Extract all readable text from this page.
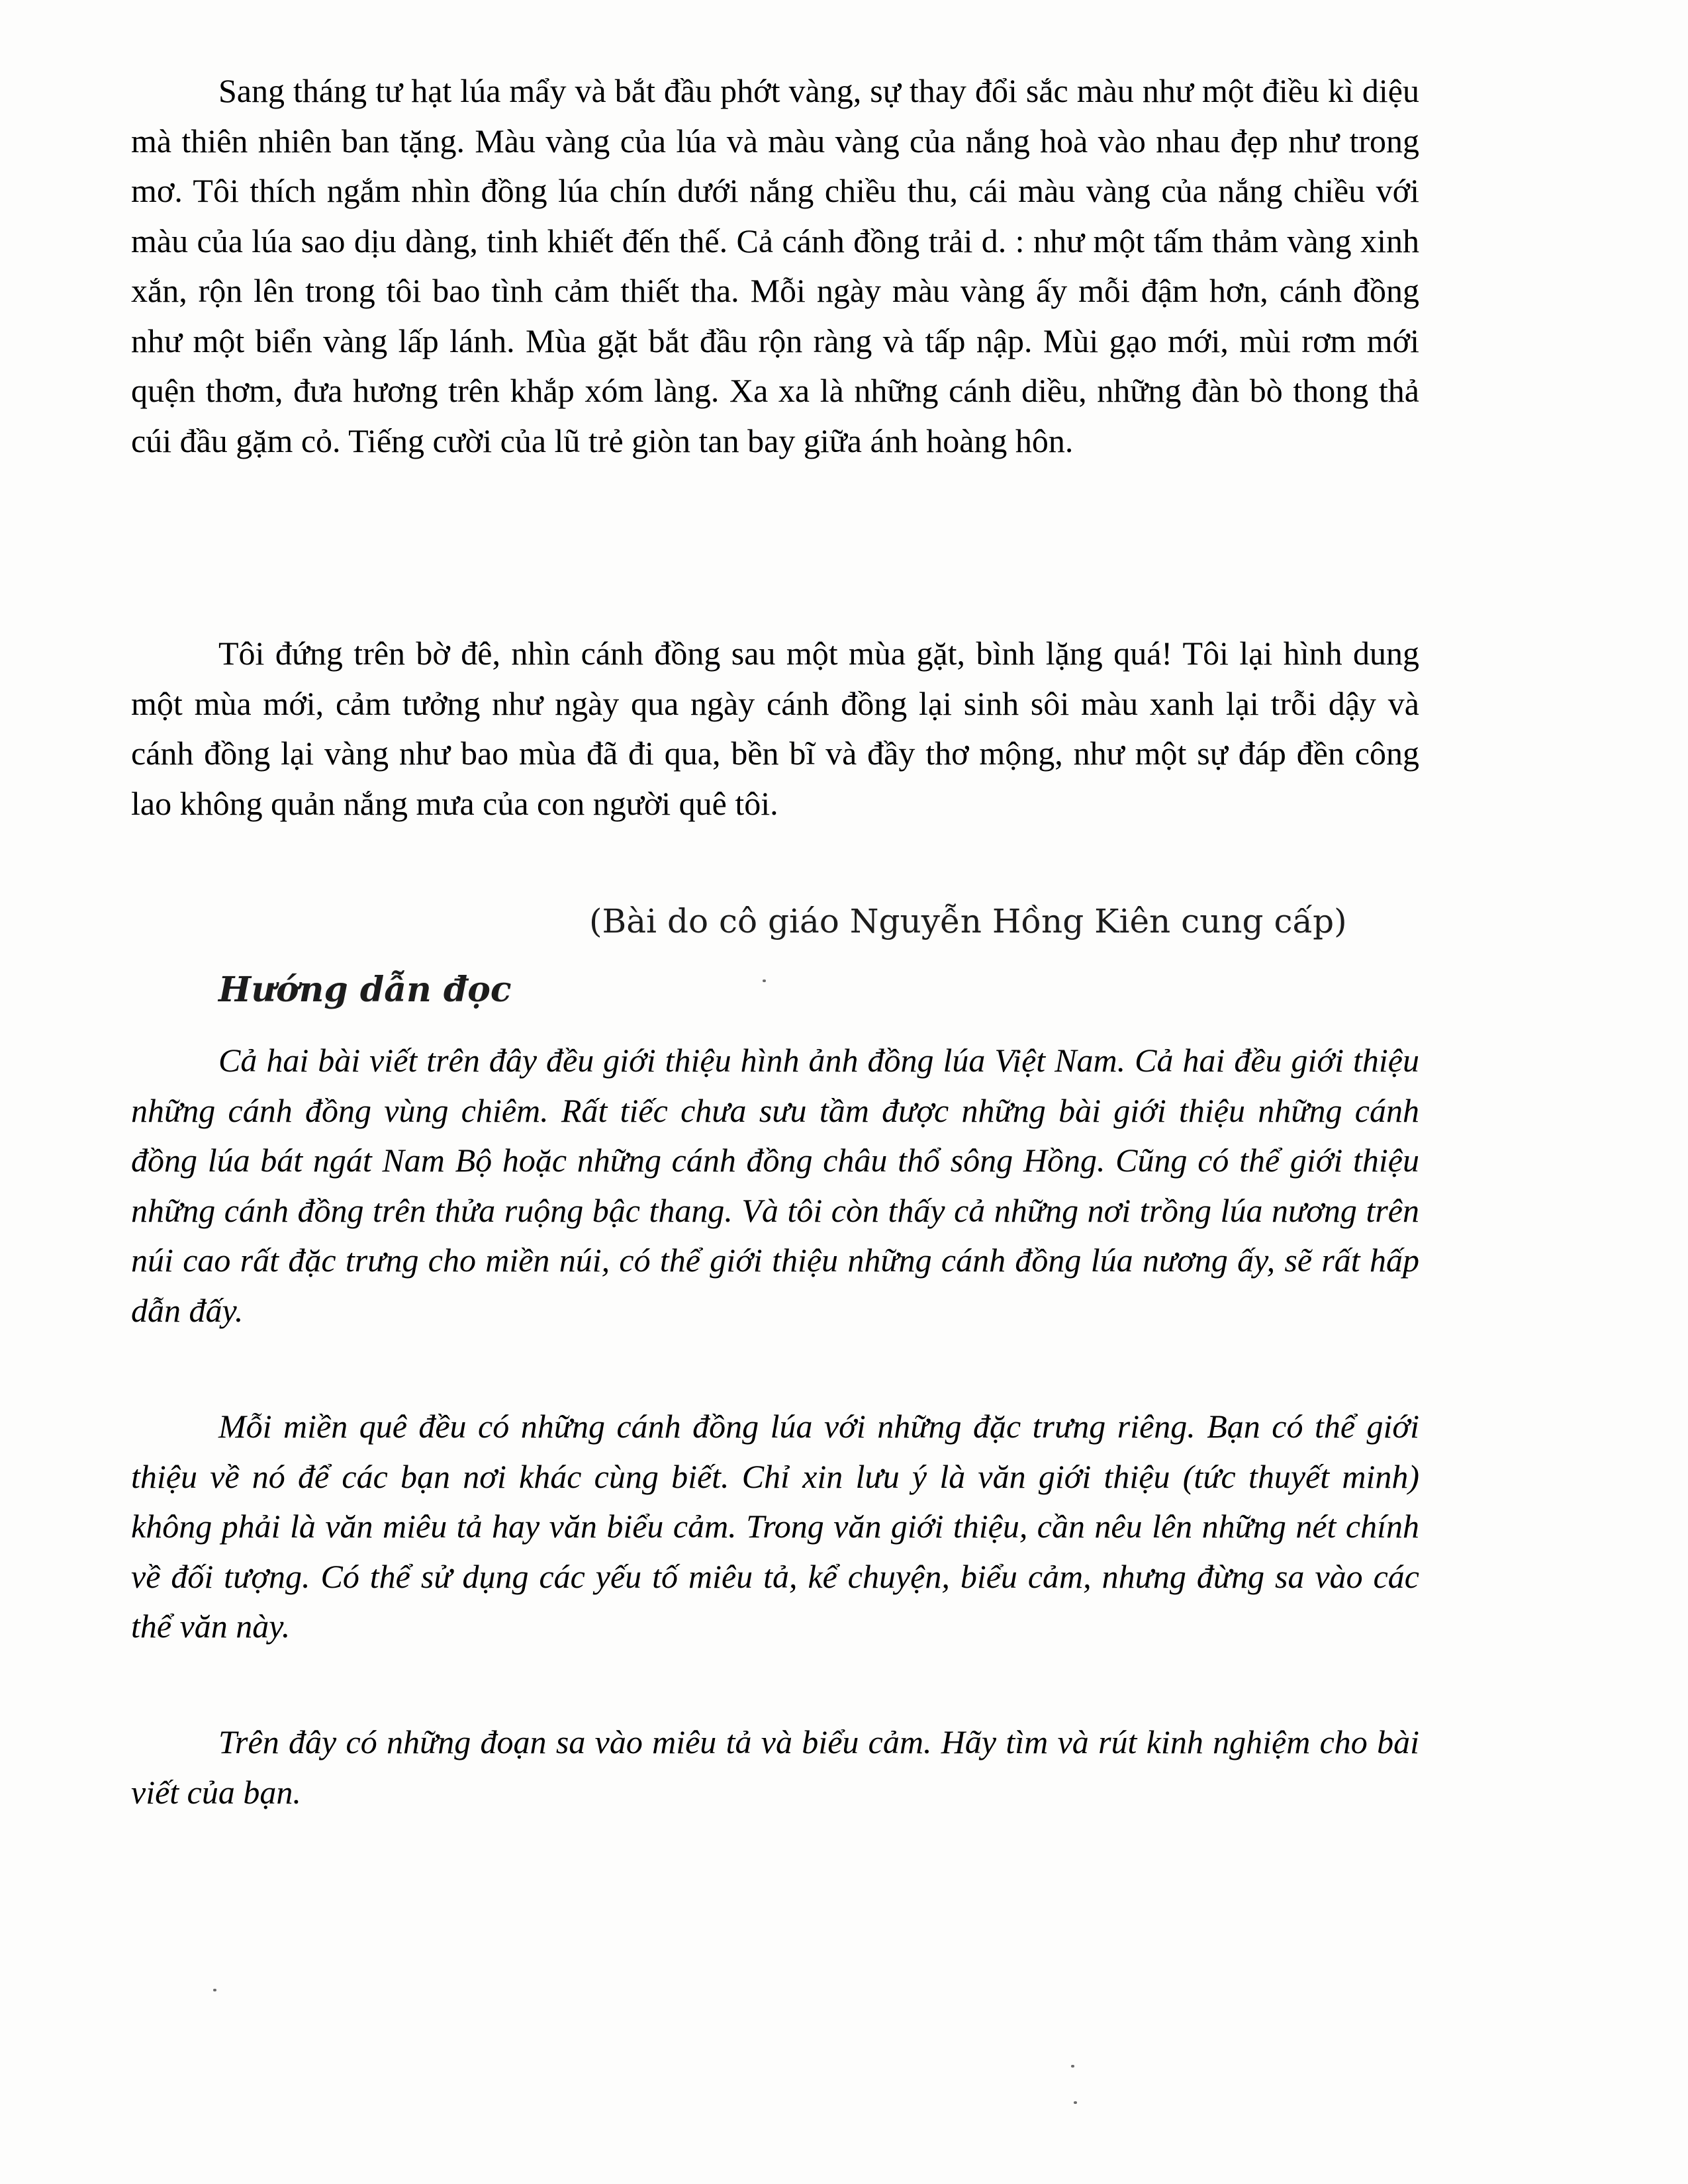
Sang tháng tư hạt lúa mẩy và bắt đầu phớt vàng, sự thay đổi sắc màu như một điều kì diệu mà thiên nhiên ban tặng. Màu vàng của lúa và màu vàng của nắng hoà vào nhau đẹp như trong mơ. Tôi thích ngắm nhìn đồng lúa chín dưới nắng chiều thu, cái màu vàng của nắng chiều với màu của lúa sao dịu dàng, tinh khiết đến thế. Cả cánh đồng trải d. : như một tấm thảm vàng xinh xắn, rộn lên trong tôi bao tình cảm thiết tha. Mỗi ngày màu vàng ấy mỗi đậm hơn, cánh đồng như một biển vàng lấp lánh. Mùa gặt bắt đầu rộn ràng và tấp nập. Mùi gạo mới, mùi rơm mới quện thơm, đưa hương trên khắp xóm làng. Xa xa là những cánh diều, những đàn bò thong thả cúi đầu gặm cỏ. Tiếng cười của lũ trẻ giòn tan bay giữa ánh hoàng hôn.

Tôi đứng trên bờ đê, nhìn cánh đồng sau một mùa gặt, bình lặng quá! Tôi lại hình dung một mùa mới, cảm tưởng như ngày qua ngày cánh đồng lại sinh sôi màu xanh lại trỗi dậy và cánh đồng lại vàng như bao mùa đã đi qua, bền bĩ và đầy thơ mộng, như một sự đáp đền công lao không quản nắng mưa của con người quê tôi.

(Bài do cô giáo Nguyễn Hồng Kiên cung cấp)

Hướng dẫn đọc

Cả hai bài viết trên đây đều giới thiệu hình ảnh đồng lúa Việt Nam. Cả hai đều giới thiệu những cánh đồng vùng chiêm. Rất tiếc chưa sưu tầm được những bài giới thiệu những cánh đồng lúa bát ngát Nam Bộ hoặc những cánh đồng châu thổ sông Hồng. Cũng có thể giới thiệu những cánh đồng trên thửa ruộng bậc thang. Và tôi còn thấy cả những nơi trồng lúa nương trên núi cao rất đặc trưng cho miền núi, có thể giới thiệu những cánh đồng lúa nương ấy, sẽ rất hấp dẫn đấy.

Mỗi miền quê đều có những cánh đồng lúa với những đặc trưng riêng. Bạn có thể giới thiệu về nó để các bạn nơi khác cùng biết. Chỉ xin lưu ý là văn giới thiệu (tức thuyết minh) không phải là văn miêu tả hay văn biểu cảm. Trong văn giới thiệu, cần nêu lên những nét chính về đối tượng. Có thể sử dụng các yếu tố miêu tả, kể chuyện, biểu cảm, nhưng đừng sa vào các thể văn này.

Trên đây có những đoạn sa vào miêu tả và biểu cảm. Hãy tìm và rút kinh nghiệm cho bài viết của bạn.
